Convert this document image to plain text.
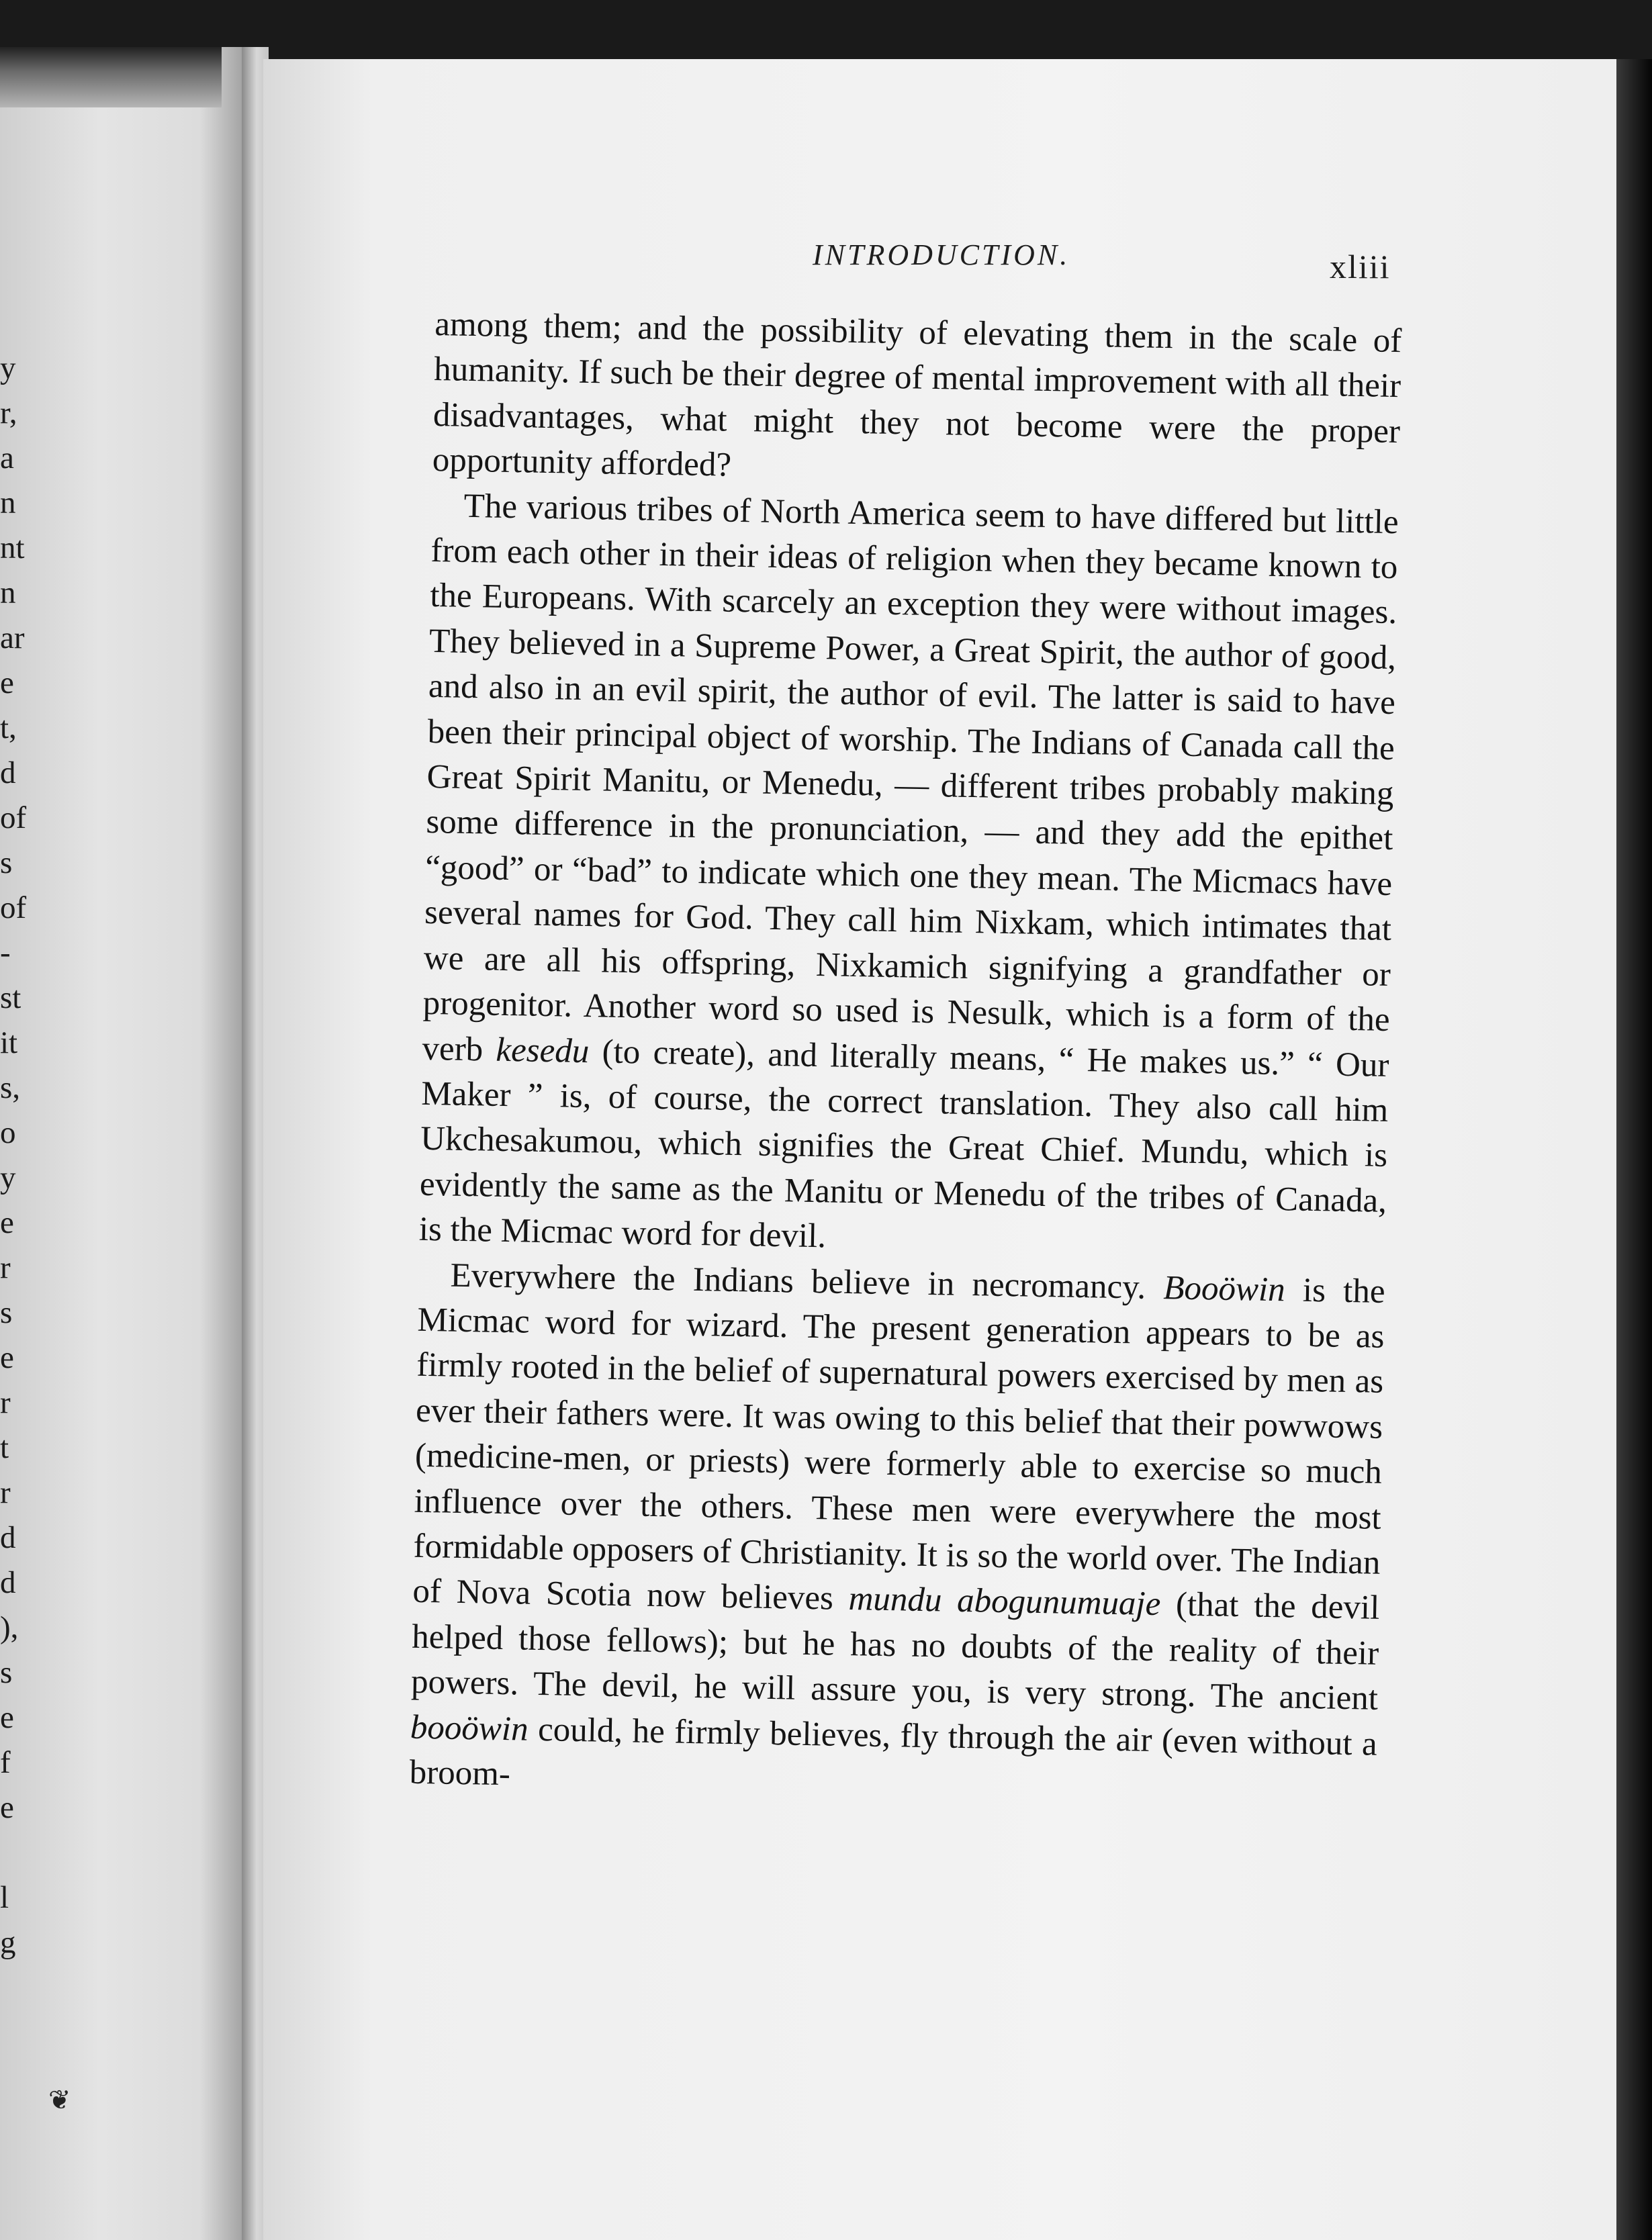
y
r,
a
n
nt
n
ar
e
t,
d
of
s
of
-
st
it
s,
o
y
e
r
s
e
r
t
r
d
d
),
s
e
f
e
l
g
INTRODUCTION.	xliii

among them; and the possibility of elevating them in the scale of humanity. If such be their degree of mental improvement with all their disadvantages, what might they not become were the proper opportunity afforded?

The various tribes of North America seem to have differed but little from each other in their ideas of religion when they became known to the Europeans. With scarcely an exception they were without images. They believed in a Supreme Power, a Great Spirit, the author of good, and also in an evil spirit, the author of evil. The latter is said to have been their principal object of worship. The Indians of Canada call the Great Spirit Manitu, or Menedu, — different tribes probably making some difference in the pronunciation, — and they add the epithet “good” or “bad” to indicate which one they mean. The Micmacs have several names for God. They call him Nixkam, which intimates that we are all his offspring, Nixkamich signifying a grandfather or progenitor. Another word so used is Nesulk, which is a form of the verb kesedu (to create), and literally means, “ He makes us.” “ Our Maker ” is, of course, the correct translation. They also call him Ukchesakumou, which signifies the Great Chief. Mundu, which is evidently the same as the Manitu or Menedu of the tribes of Canada, is the Micmac word for devil.

Everywhere the Indians believe in necromancy. Booöwin is the Micmac word for wizard. The present generation appears to be as firmly rooted in the belief of supernatural powers exercised by men as ever their fathers were. It was owing to this belief that their powwows (medicine-men, or priests) were formerly able to exercise so much influence over the others. These men were everywhere the most formidable opposers of Christianity. It is so the world over. The Indian of Nova Scotia now believes mundu abogunumuaje (that the devil helped those fellows); but he has no doubts of the reality of their powers. The devil, he will assure you, is very strong. The ancient booöwin could, he firmly believes, fly through the air (even without a broom-

❦
